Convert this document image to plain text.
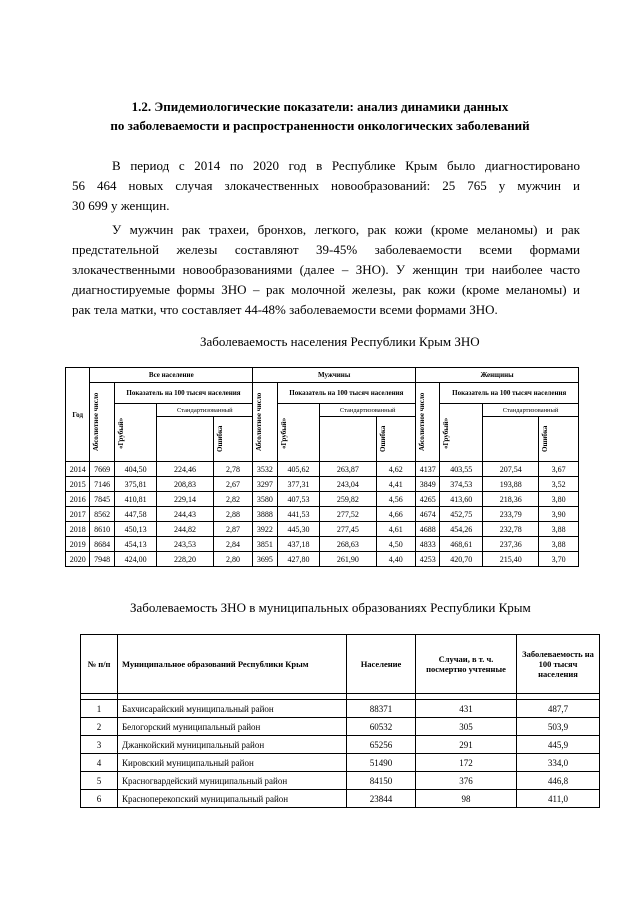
1.2. Эпидемиологические показатели: анализ динамики данных
по заболеваемости и распространенности онкологических заболеваний
В период с 2014 по 2020 год в Республике Крым было диагностировано
56 464 новых случая злокачественных новообразований: 25 765 у мужчин и
30 699 у женщин.
У мужчин рак трахеи, бронхов, легкого, рак кожи (кроме меланомы) и рак
предстательной железы составляют 39-45% заболеваемости всеми формами
злокачественными новообразованиями (далее – ЗНО). У женщин три наиболее часто
диагностируемые формы ЗНО – рак молочной железы, рак кожи (кроме меланомы) и
рак тела матки, что составляет 44-48% заболеваемости всеми формами ЗНО.
Заболеваемость населения Республики Крым ЗНО
Год	Все население				Мужчины				Женщины			

	Абсолютное число	Показатель на 100 тысяч населения			Абсолютное число	Показатель на 100 тысяч населения			Абсолютное число	Показатель на 100 тысяч населения		

		«Грубый»	Стандартизованный			«Грубый»	Стандартизованный			«Грубый»	Стандартизованный	

				Ошибка				Ошибка				Ошибка

2014	7669	404,50	224,46	2,78	3532	405,62	263,87	4,62	4137	403,55	207,54	3,67
2015	7146	375,81	208,83	2,67	3297	377,31	243,04	4,41	3849	374,53	193,88	3,52
2016	7845	410,81	229,14	2,82	3580	407,53	259,82	4,56	4265	413,60	218,36	3,80
2017	8562	447,58	244,43	2,88	3888	441,53	277,52	4,66	4674	452,75	233,79	3,90
2018	8610	450,13	244,82	2,87	3922	445,30	277,45	4,61	4688	454,26	232,78	3,88
2019	8684	454,13	243,53	2,84	3851	437,18	268,63	4,50	4833	468,61	237,36	3,88
2020	7948	424,00	228,20	2,80	3695	427,80	261,90	4,40	4253	420,70	215,40	3,70
Заболеваемость ЗНО в муниципальных образованиях Республики Крым
№ п/п	Муниципальное образований Республики Крым	Население	Случаи, в т. ч. посмертно учтенные	Заболеваемость на 100 тысяч населения

1	Бахчисарайский муниципальный район	88371	431	487,7
2	Белогорский муниципальный район	60532	305	503,9
3	Джанкойский муниципальный район	65256	291	445,9
4	Кировский муниципальный район	51490	172	334,0
5	Красногвардейский муниципальный район	84150	376	446,8
6	Красноперекопский муниципальный район	23844	98	411,0
